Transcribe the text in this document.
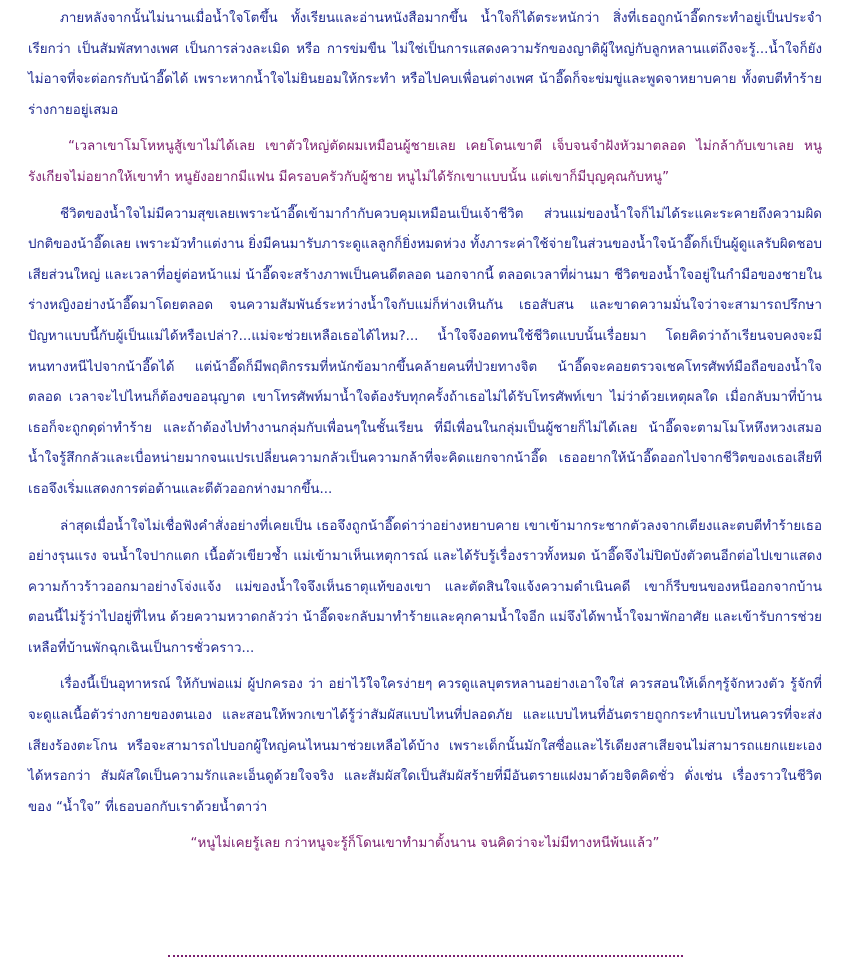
ภายหลังจากนั้นไม่นานเมื่อน้ำใจโตขึ้น ทั้งเรียนและอ่านหนังสือมากขึ้น น้ำใจก็ได้ตระหนักว่า สิ่งที่เธอถูกน้าอี๊ดกระทำอยู่เป็นประจำเรียกว่า เป็นสัมพัสทางเพศ เป็นการล่วงละเมิด หรือ การข่มขืน ไม่ใช่เป็นการแสดงความรักของญาติผู้ใหญ่กับลูกหลานแต่ถึงจะรู้...น้ำใจก็ยังไม่อาจที่จะต่อกรกับน้าอี๊ดได้ เพราะหากน้ำใจไม่ยินยอมให้กระทำ หรือไปคบเพื่อนต่างเพศ น้าอี๊ดก็จะข่มขู่และพูดจาหยาบคาย ทั้งตบตีทำร้ายร่างกายอยู่เสมอ

“เวลาเขาโมโหหนูสู้เขาไม่ได้เลย เขาตัวใหญ่ตัดผมเหมือนผู้ชายเลย เคยโดนเขาตี เจ็บจนจำฝังหัวมาตลอด ไม่กล้ากับเขาเลย หนูรังเกียจไม่อยากให้เขาทำ หนูยังอยากมีแฟน มีครอบครัวกับผู้ชาย หนูไม่ได้รักเขาแบบนั้น แต่เขาก็มีบุญคุณกับหนู”

ชีวิตของน้ำใจไม่มีความสุขเลยเพราะน้าอี๊ดเข้ามากำกับควบคุมเหมือนเป็นเจ้าชีวิต ส่วนแม่ของน้ำใจก็ไม่ได้ระแคะระคายถึงความผิดปกติของน้าอี๊ดเลย เพราะมัวทำแต่งาน ยิ่งมีคนมารับภาระดูแลลูกก็ยิ่งหมดห่วง ทั้งภาระค่าใช้จ่ายในส่วนของน้ำใจน้าอี๊ดก็เป็นผู้ดูแลรับผิดชอบเสียส่วนใหญ่ และเวลาที่อยู่ต่อหน้าแม่ น้าอี๊ดจะสร้างภาพเป็นคนดีตลอด นอกจากนี้ ตลอดเวลาที่ผ่านมา ชีวิตของน้ำใจอยู่ในกำมือของชายในร่างหญิงอย่างน้าอี๊ดมาโดยตลอด จนความสัมพันธ์ระหว่างน้ำใจกับแม่ก็ห่างเหินกัน เธอสับสน และขาดความมั่นใจว่าจะสามารถปรึกษาปัญหาแบบนี้กับผู้เป็นแม่ได้หรือเปล่า?...แม่จะช่วยเหลือเธอได้ไหม?... น้ำใจจึงอดทนใช้ชีวิตแบบนั้นเรื่อยมา โดยคิดว่าถ้าเรียนจบคงจะมีหนทางหนีไปจากน้าอี๊ดได้ แต่น้าอี๊ดก็มีพฤติกรรมที่หนักข้อมากขึ้นคล้ายคนที่ป่วยทางจิต น้าอี๊ดจะคอยตรวจเชคโทรศัพท์มือถือของน้ำใจตลอด เวลาจะไปไหนก็ต้องขออนุญาต เขาโทรศัพท์มาน้ำใจต้องรับทุกครั้งถ้าเธอไม่ได้รับโทรศัพท์เขา ไม่ว่าด้วยเหตุผลใด เมื่อกลับมาที่บ้านเธอก็จะถูกดุด่าทำร้าย และถ้าต้องไปทำงานกลุ่มกับเพื่อนๆในชั้นเรียน ที่มีเพื่อนในกลุ่มเป็นผู้ชายก็ไม่ได้เลย น้าอี๊ดจะตามโมโหหึงหวงเสมอ น้ำใจรู้สึกกลัวและเบื่อหน่ายมากจนแปรเปลี่ยนความกลัวเป็นความกล้าที่จะคิดแยกจากน้าอี๊ด เธออยากให้น้าอี๊ดออกไปจากชีวิตของเธอเสียที เธอจึงเริ่มแสดงการต่อต้านและตีตัวออกห่างมากขึ้น...

ล่าสุดเมื่อน้ำใจไม่เชื่อฟังคำสั่งอย่างที่เคยเป็น เธอจึงถูกน้าอี๊ดด่าว่าอย่างหยาบคาย เขาเข้ามากระชากตัวลงจากเตียงและตบตีทำร้ายเธออย่างรุนแรง จนน้ำใจปากแตก เนื้อตัวเขียวช้ำ แม่เข้ามาเห็นเหตุการณ์ และได้รับรู้เรื่องราวทั้งหมด น้าอี๊ดจึงไม่ปิดบังตัวตนอีกต่อไปเขาแสดงความก้าวร้าวออกมาอย่างโจ่งแจ้ง แม่ของน้ำใจจึงเห็นธาตุแท้ของเขา และตัดสินใจแจ้งความดำเนินคดี เขาก็รีบขนของหนีออกจากบ้าน ตอนนี้ไม่รู้ว่าไปอยู่ที่ไหน ด้วยความหวาดกลัวว่า น้าอี๊ดจะกลับมาทำร้ายและคุกคามน้ำใจอีก แม่จึงได้พาน้ำใจมาพักอาศัย และเข้ารับการช่วยเหลือที่บ้านพักฉุกเฉินเป็นการชั่วคราว...

เรื่องนี้เป็นอุทาหรณ์ ให้กับพ่อแม่ ผู้ปกครอง ว่า อย่าไว้ใจใครง่ายๆ ควรดูแลบุตรหลานอย่างเอาใจใส่ ควรสอนให้เด็กๆรู้จักหวงตัว รู้จักที่จะดูแลเนื้อตัวร่างกายของตนเอง และสอนให้พวกเขาได้รู้ว่าสัมผัสแบบไหนที่ปลอดภัย และแบบไหนที่อันตรายถูกกระทำแบบไหนควรที่จะส่งเสียงร้องตะโกน หรือจะสามารถไปบอกผู้ใหญ่คนไหนมาช่วยเหลือได้บ้าง เพราะเด็กนั้นมักใสซื่อและไร้เดียงสาเสียจนไม่สามารถแยกแยะเองได้หรอกว่า สัมผัสใดเป็นความรักและเอ็นดูด้วยใจจริง และสัมผัสใดเป็นสัมผัสร้ายที่มีอันตรายแฝงมาด้วยจิตคิดชั่ว ดั่งเช่น เรื่องราวในชีวิตของ “น้ำใจ” ที่เธอบอกกับเราด้วยน้ำตาว่า

“หนูไม่เคยรู้เลย กว่าหนูจะรู้ก็โดนเขาทำมาตั้งนาน จนคิดว่าจะไม่มีทางหนีพ้นแล้ว”
